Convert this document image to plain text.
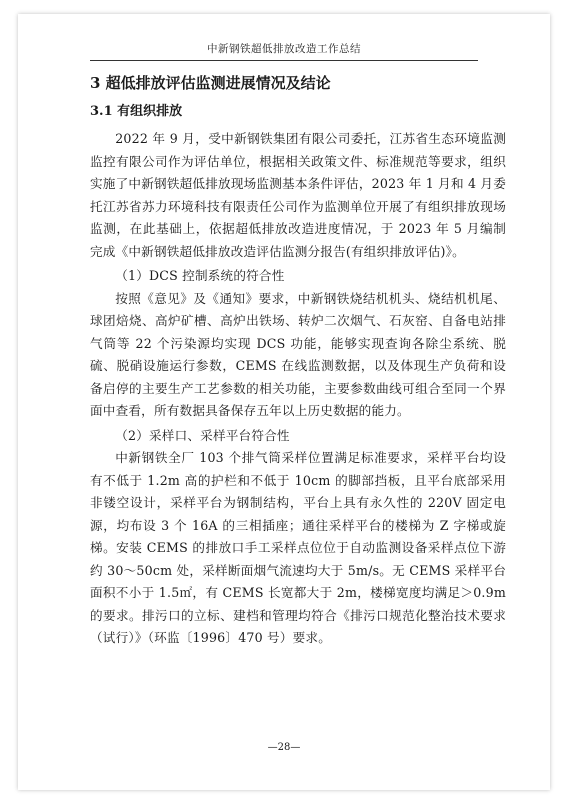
中新钢铁超低排放改造工作总结
3 超低排放评估监测进展情况及结论
3.1 有组织排放

2022 年 9 月，受中新钢铁集团有限公司委托，江苏省生态环境监测监控有限公司作为评估单位，根据相关政策文件、标准规范等要求，组织实施了中新钢铁超低排放现场监测基本条件评估，2023 年 1 月和 4 月委托江苏省苏力环境科技有限责任公司作为监测单位开展了有组织排放现场监测，在此基础上，依据超低排放改造进度情况，于 2023 年 5 月编制完成《中新钢铁超低排放改造评估监测分报告(有组织排放评估)》。

（1）DCS 控制系统的符合性

按照《意见》及《通知》要求，中新钢铁烧结机机头、烧结机机尾、球团焙烧、高炉矿槽、高炉出铁场、转炉二次烟气、石灰窑、自备电站排气筒等 22 个污染源均实现 DCS 功能，能够实现查询各除尘系统、脱硫、脱硝设施运行参数，CEMS 在线监测数据，以及体现生产负荷和设备启停的主要生产工艺参数的相关功能，主要参数曲线可组合至同一个界面中查看，所有数据具备保存五年以上历史数据的能力。

（2）采样口、采样平台符合性

中新钢铁全厂 103 个排气筒采样位置满足标准要求，采样平台均设有不低于 1.2m 高的护栏和不低于 10cm 的脚部挡板，且平台底部采用非镂空设计，采样平台为钢制结构，平台上具有永久性的 220V 固定电源，均布设 3 个 16A 的三相插座；通往采样平台的楼梯为 Z 字梯或旋梯。安装 CEMS 的排放口手工采样点位位于自动监测设备采样点位下游约 30～50cm 处，采样断面烟气流速均大于 5m/s。无 CEMS 采样平台面积不小于 1.5㎡，有 CEMS 长宽都大于 2m，楼梯宽度均满足＞0.9m 的要求。排污口的立标、建档和管理均符合《排污口规范化整治技术要求（试行）》（环监〔1996〕470 号）要求。

—28—
